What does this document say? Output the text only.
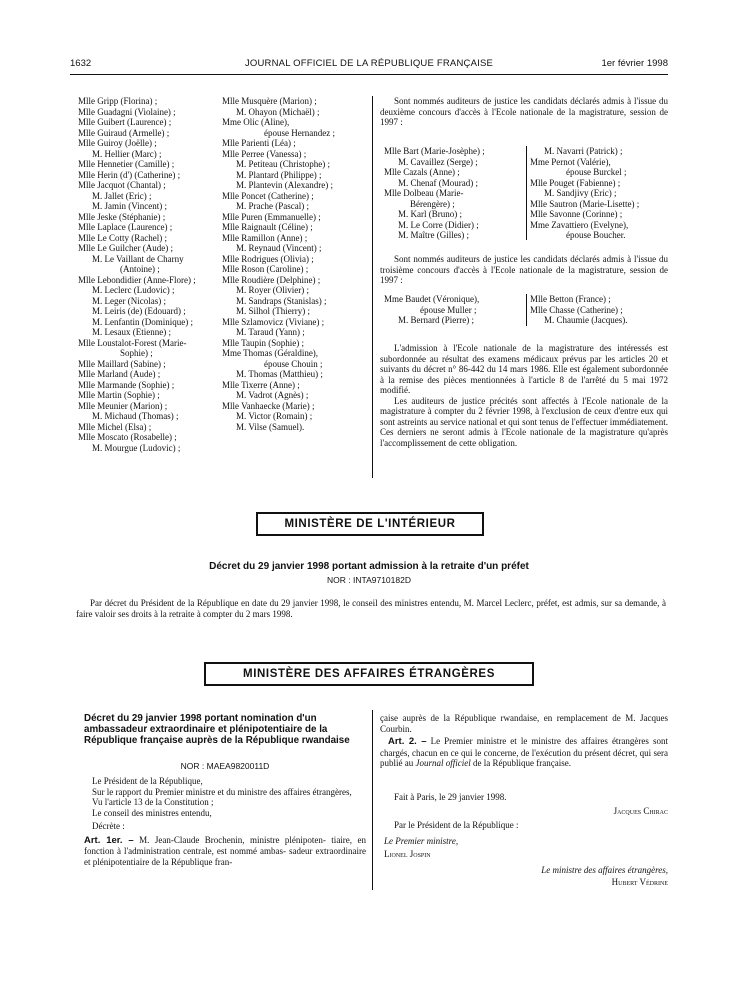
1632	JOURNAL OFFICIEL DE LA RÉPUBLIQUE FRANÇAISE	1er février 1998
Mlle Gripp (Florina) ;
Mlle Guadagni (Violaine) ;
Mlle Guibert (Laurence) ;
Mlle Guiraud (Armelle) ;
Mlle Guiroy (Joëlle) ;
M. Hellier (Marc) ;
Mlle Hennetier (Camille) ;
Mlle Herin (d') (Catherine) ;
Mlle Jacquot (Chantal) ;
M. Jallet (Eric) ;
M. Jamin (Vincent) ;
Mlle Jeske (Stéphanie) ;
Mlle Laplace (Laurence) ;
Mlle Le Cotty (Rachel) ;
Mlle Le Guilcher (Aude) ;
M. Le Vaillant de Charny
(Antoine) ;
Mlle Lebondidier (Anne-Flore) ;
M. Leclerc (Ludovic) ;
M. Leger (Nicolas) ;
M. Leiris (de) (Edouard) ;
M. Lenfantin (Dominique) ;
M. Lesaux (Etienne) ;
Mlle Loustalot-Forest (Marie-
Sophie) ;
Mlle Maillard (Sabine) ;
Mlle Marland (Aude) ;
Mlle Marmande (Sophie) ;
Mlle Martin (Sophie) ;
Mlle Meunier (Marion) ;
M. Michaud (Thomas) ;
Mlle Michel (Elsa) ;
Mlle Moscato (Rosabelle) ;
M. Mourgue (Ludovic) ;
Mlle Musquère (Marion) ;
M. Ohayon (Michaël) ;
Mme Olic (Aline),
épouse Hernandez ;
Mlle Parienti (Léa) ;
Mlle Perree (Vanessa) ;
M. Petiteau (Christophe) ;
M. Plantard (Philippe) ;
M. Plantevin (Alexandre) ;
Mlle Poncet (Catherine) ;
M. Prache (Pascal) ;
Mlle Puren (Emmanuelle) ;
Mlle Raignault (Céline) ;
Mlle Ramillon (Anne) ;
M. Reynaud (Vincent) ;
Mlle Rodrigues (Olivia) ;
Mlle Roson (Caroline) ;
Mlle Roudière (Delphine) ;
M. Royer (Olivier) ;
M. Sandraps (Stanislas) ;
M. Silhol (Thierry) ;
Mlle Szlamovicz (Viviane) ;
M. Taraud (Yann) ;
Mlle Taupin (Sophie) ;
Mme Thomas (Géraldine),
épouse Chouin ;
M. Thomas (Matthieu) ;
Mlle Tixerre (Anne) ;
M. Vadrot (Agnès) ;
Mlle Vanhaecke (Marie) ;
M. Victor (Romain) ;
M. Vilse (Samuel).

Sont nommés auditeurs de justice les candidats déclarés admis à l'issue du deuxième concours d'accès à l'Ecole nationale de la magistrature, session de 1997 :

Mlle Bart (Marie-Josèphe) ;
M. Cavaillez (Serge) ;
Mlle Cazals (Anne) ;
M. Chenaf (Mourad) ;
Mlle Dolbeau (Marie-
Bérengère) ;
M. Karl (Bruno) ;
M. Le Corre (Didier) ;
M. Maître (Gilles) ;
M. Navarri (Patrick) ;
Mme Pernot (Valérie),
épouse Burckel ;
Mlle Pouget (Fabienne) ;
M. Sandjivy (Eric) ;
Mlle Sautron (Marie-Lisette) ;
Mlle Savonne (Corinne) ;
Mme Zavattiero (Evelyne),
épouse Boucher.

Sont nommés auditeurs de justice les candidats déclarés admis à l'issue du troisième concours d'accès à l'Ecole nationale de la magistrature, session de 1997 :

Mme Baudet (Véronique),
épouse Muller ;
M. Bernard (Pierre) ;
Mlle Betton (France) ;
Mlle Chasse (Catherine) ;
M. Chaumie (Jacques).

L'admission à l'Ecole nationale de la magistrature des intéressés est subordonnée au résultat des examens médicaux prévus par les articles 20 et suivants du décret n° 86-442 du 14 mars 1986. Elle est également subordonnée à la remise des pièces mentionnées à l'article 8 de l'arrêté du 5 mai 1972 modifié.

Les auditeurs de justice précités sont affectés à l'Ecole nationale de la magistrature à compter du 2 février 1998, à l'exclusion de ceux d'entre eux qui sont astreints au service national et qui sont tenus de l'effectuer immédiatement. Ces derniers ne seront admis à l'Ecole nationale de la magistrature qu'après l'accomplissement de cette obligation.

MINISTÈRE DE L'INTÉRIEUR
Décret du 29 janvier 1998 portant admission à la retraite d'un préfet
NOR : INTA9710182D
Par décret du Président de la République en date du 29 janvier 1998, le conseil des ministres entendu, M. Marcel Leclerc, préfet, est admis, sur sa demande, à faire valoir ses droits à la retraite à compter du 2 mars 1998.
MINISTÈRE DES AFFAIRES ÉTRANGÈRES
Décret du 29 janvier 1998 portant nomination d'un ambassadeur extraordinaire et plénipotentiaire de la République française auprès de la République rwandaise
NOR : MAEA9820011D
Le Président de la République,
Sur le rapport du Premier ministre et du ministre des affaires étrangères,
Vu l'article 13 de la Constitution ;
Le conseil des ministres entendu,
Décrète :
Art. 1er. – M. Jean-Claude Brochenin, ministre plénipoten- tiaire, en fonction à l'administration centrale, est nommé ambas- sadeur extraordinaire et plénipotentiaire de la République fran-
çaise auprès de la République rwandaise, en remplacement de M. Jacques Courbin.
Art. 2. – Le Premier ministre et le ministre des affaires étrangères sont chargés, chacun en ce qui le concerne, de l'exécution du présent décret, qui sera publié au Journal officiel de la République française.
Fait à Paris, le 29 janvier 1998.
Jacques Chirac
Par le Président de la République :
Le Premier ministre,
Lionel Jospin
Le ministre des affaires étrangères,
Hubert Védrine
